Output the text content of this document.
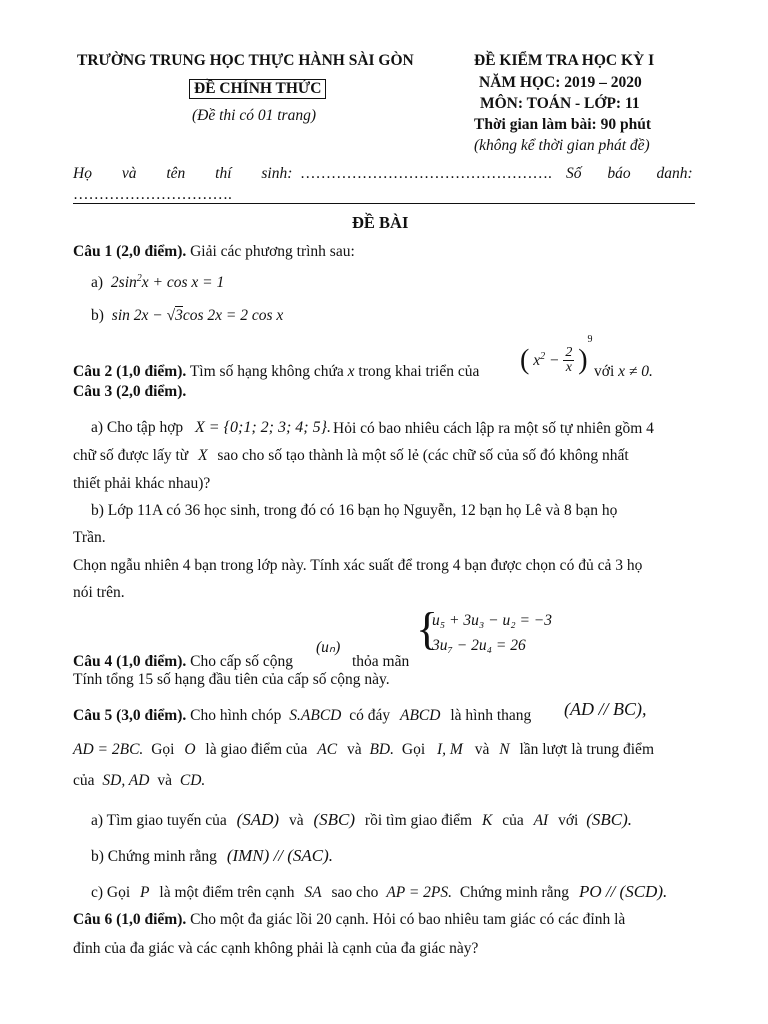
TRƯỜNG TRUNG HỌC THỰC HÀNH SÀI GÒN
ĐỀ CHÍNH THỨC
(Đề thi có 01 trang)
ĐỀ KIỂM TRA HỌC KỲ I
NĂM HỌC: 2019 – 2020
MÔN: TOÁN - LỚP: 11
Thời gian làm bài: 90 phút
(không kể thời gian phát đề)
Họ và tên thí sinh: …………………………………………. Số báo danh:
………………………….
ĐỀ BÀI
Câu 1 (2,0 điểm). Giải các phương trình sau:
a) $2\sin^2x + \cos x = 1$
b) sin 2x − √3cos 2x = 2 cos x
Câu 2 (1,0 điểm). Tìm số hạng không chứa x trong khai triển của ( $x^2 - \frac{2}{x} )^9$
với x ≠ 0.
Câu 3 (2,0 điểm).
a) Cho tập hợp X = {0;1; 2; 3; 4; 5}. Hỏi có bao nhiêu cách lập ra một số tự nhiên gồm 4
chữ số được lấy từ X sao cho số tạo thành là một số lẻ (các chữ số của số đó không nhất
thiết phải khác nhau)?
b) Lớp 11A có 36 học sinh, trong đó có 16 bạn họ Nguyễn, 12 bạn họ Lê và 8 bạn họ
Trần.
Chọn ngẫu nhiên 4 bạn trong lớp này. Tính xác suất để trong 4 bạn được chọn có đủ cả 3 họ
nói trên.
Câu 4 (1,0 điểm). Cho cấp số cộng
(uₙ)
thỏa mãn
{
u₅ + 3u₃ − u₂ = −3
3u₇ − 2u₄ = 26
Tính tổng 15 số hạng đầu tiên của cấp số cộng này.
Câu 5 (3,0 điểm). Cho hình chóp S.ABCD có đáy ABCD là hình thang (AD // BC),
AD = 2BC. Gọi O là giao điểm của AC và BD. Gọi I, M và N lần lượt là trung điểm
của SD, AD và CD.
a) Tìm giao tuyến của (SAD) và (SBC) rồi tìm giao điểm K của AI với (SBC).
b) Chứng minh rằng (IMN) // (SAC).
c) Gọi P là một điểm trên cạnh SA sao cho AP = 2PS. Chứng minh rằng PO // (SCD).
Câu 6 (1,0 điểm). Cho một đa giác lồi 20 cạnh. Hỏi có bao nhiêu tam giác có các đỉnh là
đỉnh của đa giác và các cạnh không phải là cạnh của đa giác này?
